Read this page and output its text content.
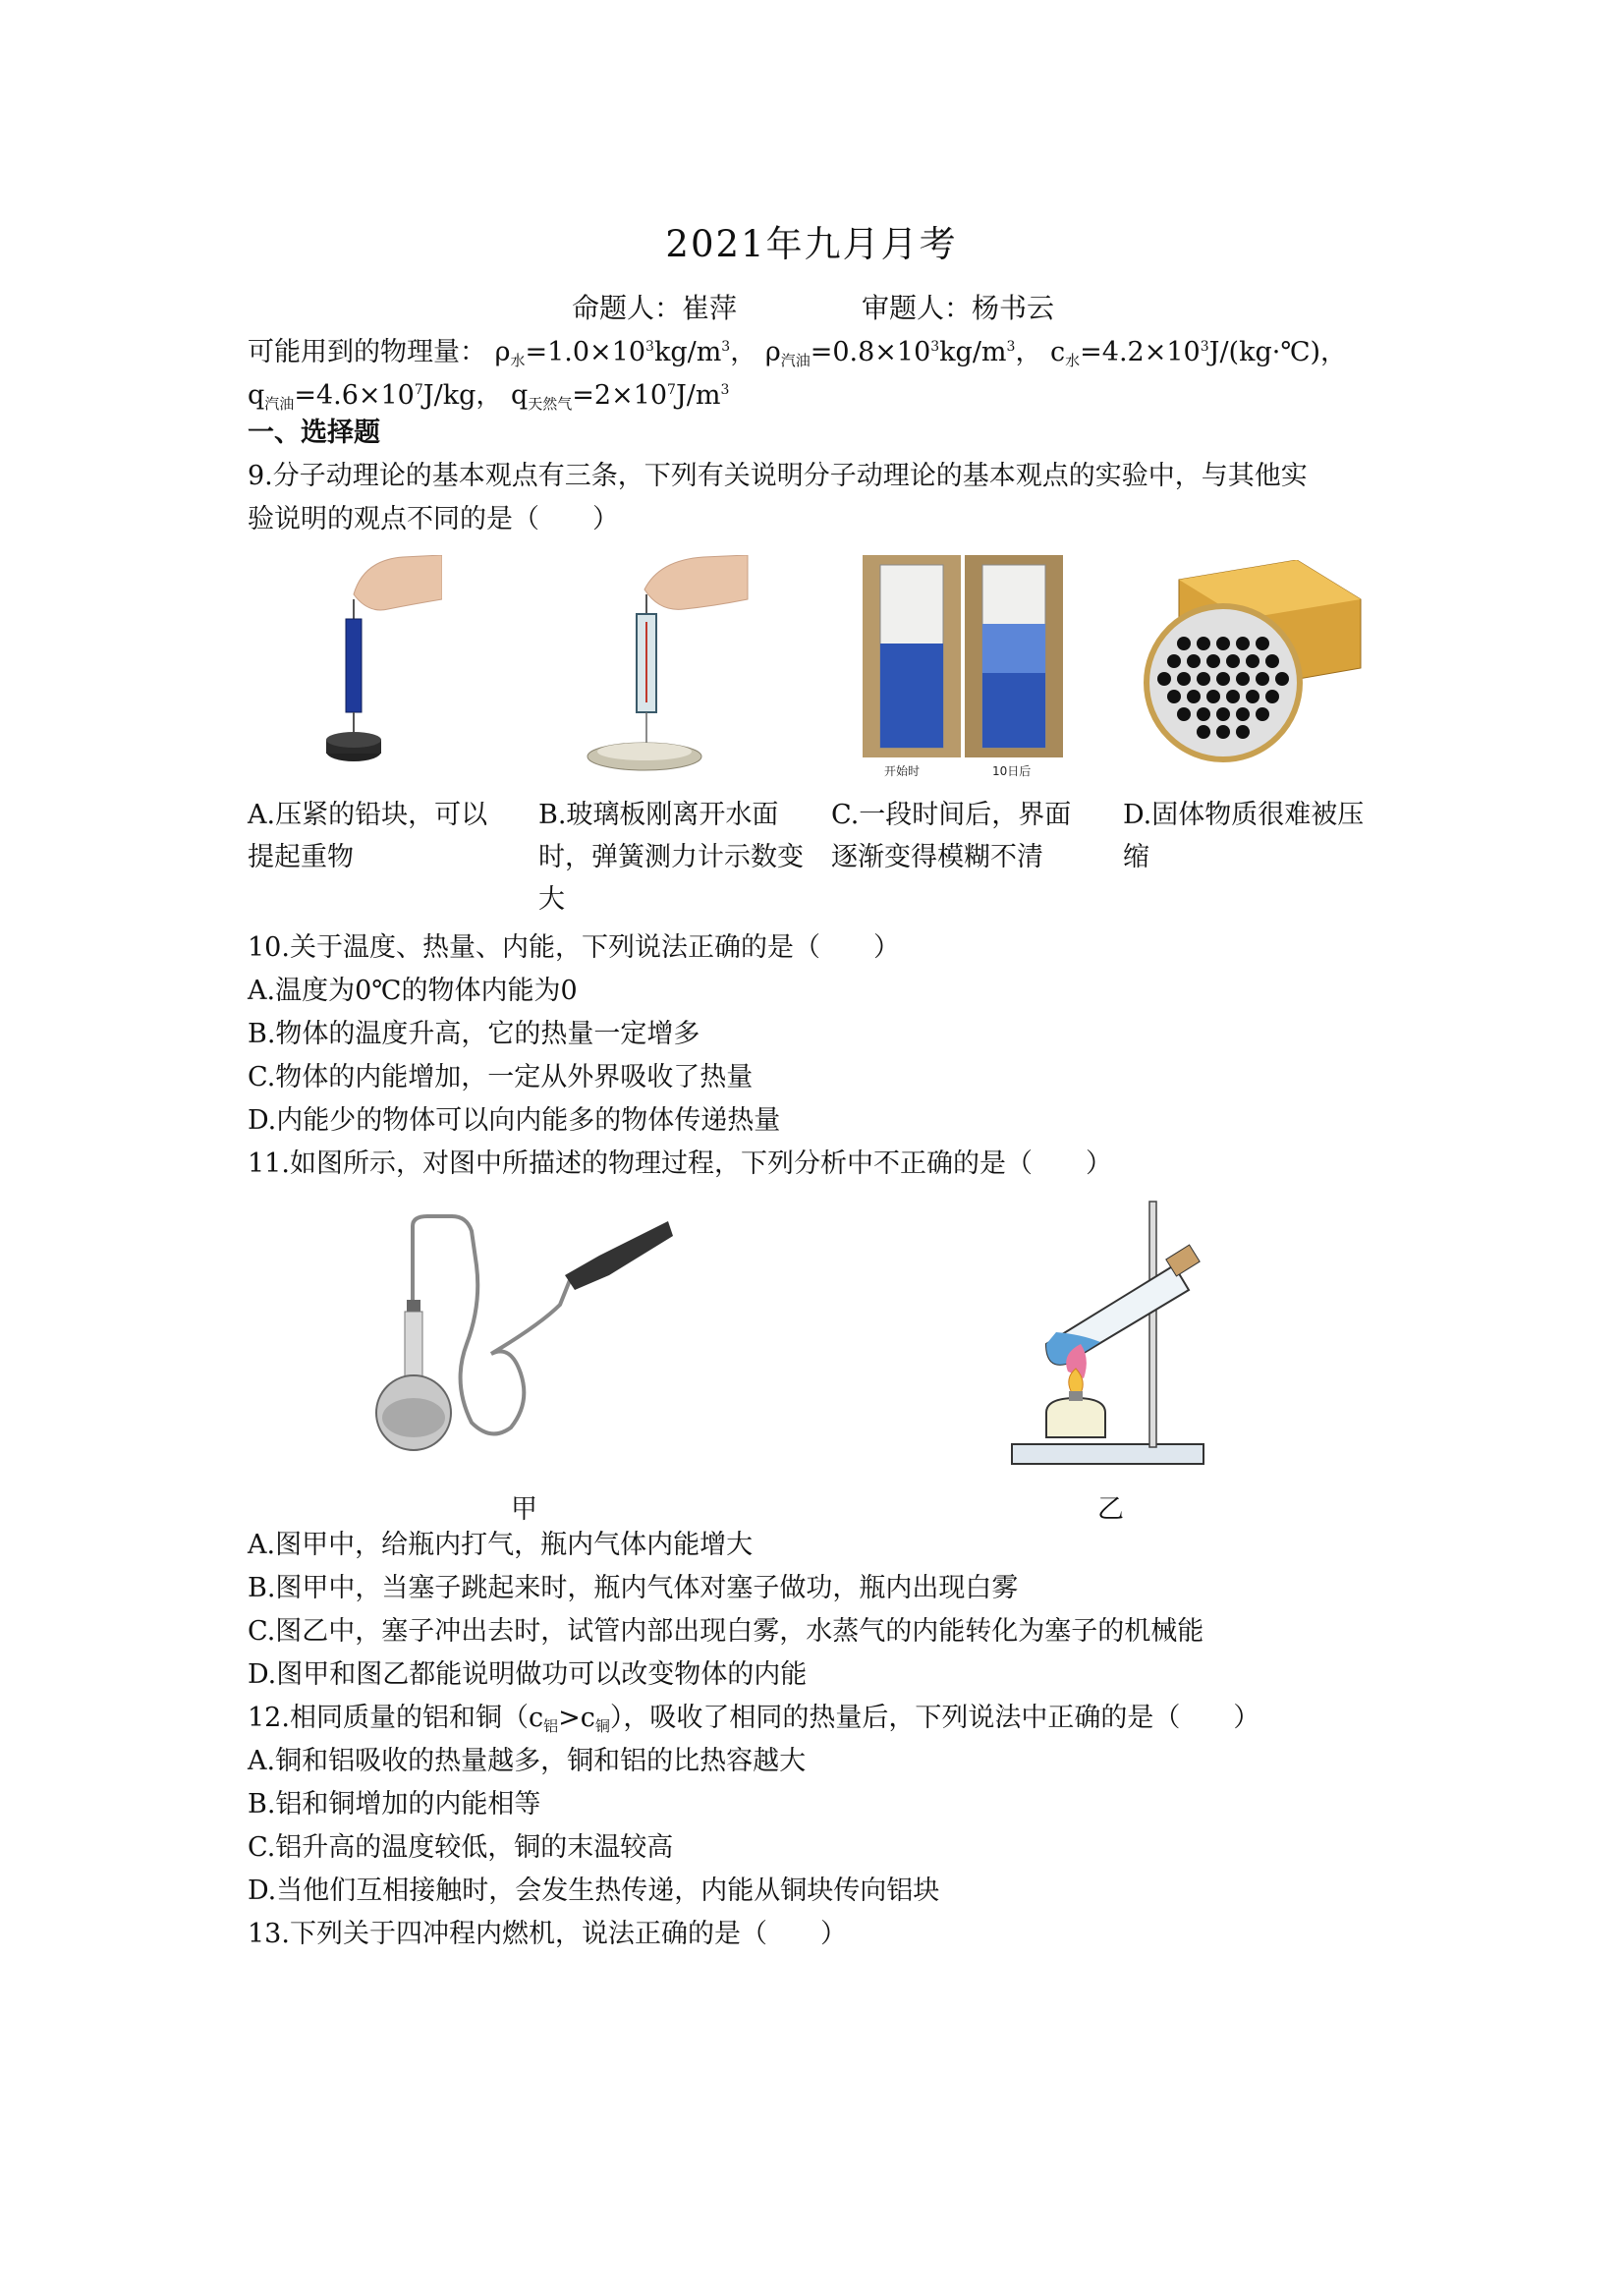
2021年九月月考
命题人：崔萍	审题人：杨书云
可能用到的物理量： $\rho_水=1.0\times 10^3kg/m^3$， $\rho_{汽油}=0.8\times 10^3kg/m^3$， $c_水=4.2\times 10^3J/(kg\cdot℃)$，
$q_{汽油}=4.6\times 10^7J/kg$， $q_{天然气}=2\times 10^7J/m^3$
一、选择题
9.分子动理论的基本观点有三条，下列有关说明分子动理论的基本观点的实验中，与其他实
验说明的观点不同的是（　　）
开始时	10日后
A.压紧的铅块，可以提起重物
B.玻璃板刚离开水面时，弹簧测力计示数变大
C.一段时间后，界面逐渐变得模糊不清
D.固体物质很难被压缩
10.关于温度、热量、内能，下列说法正确的是（　　）
A.温度为0℃的物体内能为0
B.物体的温度升高，它的热量一定增多
C.物体的内能增加，一定从外界吸收了热量
D.内能少的物体可以向内能多的物体传递热量
11.如图所示，对图中所描述的物理过程，下列分析中不正确的是（　　）
甲	乙
A.图甲中，给瓶内打气，瓶内气体内能增大
B.图甲中，当塞子跳起来时，瓶内气体对塞子做功，瓶内出现白雾
C.图乙中，塞子冲出去时，试管内部出现白雾，水蒸气的内能转化为塞子的机械能
D.图甲和图乙都能说明做功可以改变物体的内能
12.相同质量的铝和铜$(c_铝>c_铜)$，吸收了相同的热量后，下列说法中正确的是（　　）
A.铜和铝吸收的热量越多，铜和铝的比热容越大
B.铝和铜增加的内能相等
C.铝升高的温度较低，铜的末温较高
D.当他们互相接触时，会发生热传递，内能从铜块传向铝块
13.下列关于四冲程内燃机，说法正确的是（　　）
